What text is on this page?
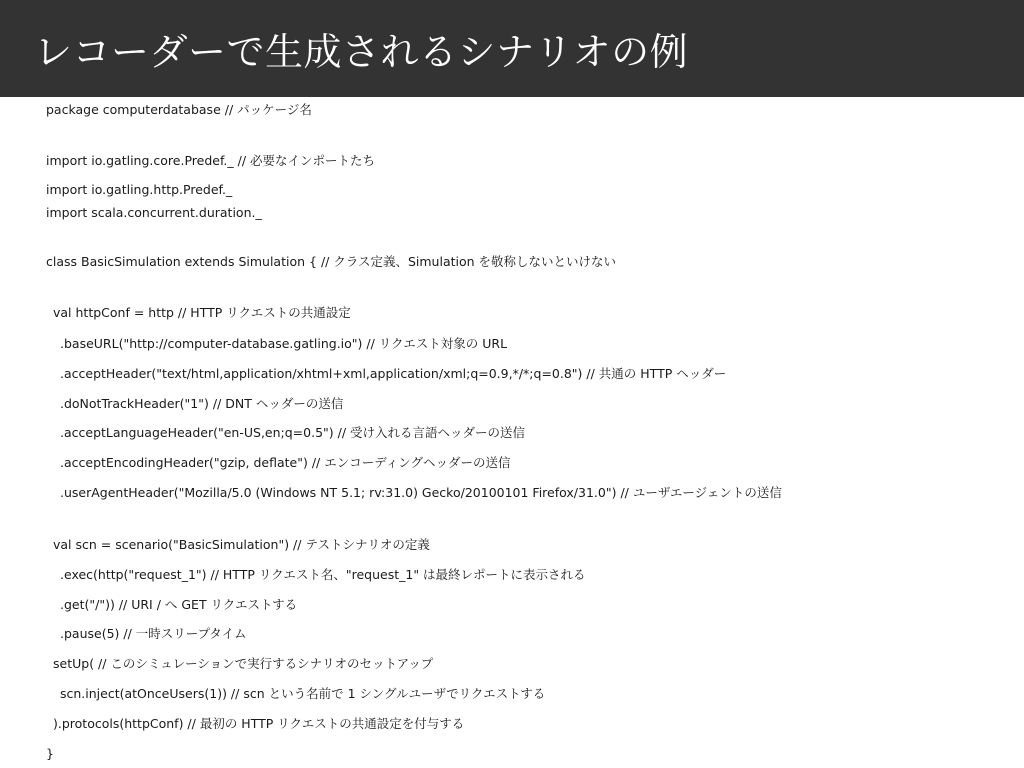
レコーダーで生成されるシナリオの例
package computerdatabase // パッケージ名
import io.gatling.core.Predef._ // 必要なインポートたち
import io.gatling.http.Predef._
import scala.concurrent.duration._
class BasicSimulation extends Simulation { // クラス定義、Simulation を敬称しないといけない
val httpConf = http // HTTP リクエストの共通設定
.baseURL("http://computer-database.gatling.io") // リクエスト対象の URL
.acceptHeader("text/html,application/xhtml+xml,application/xml;q=0.9,*/*;q=0.8") // 共通の HTTP ヘッダー
.doNotTrackHeader("1") // DNT ヘッダーの送信
.acceptLanguageHeader("en-US,en;q=0.5") // 受け入れる言語ヘッダーの送信
.acceptEncodingHeader("gzip, deflate") // エンコーディングヘッダーの送信
.userAgentHeader("Mozilla/5.0 (Windows NT 5.1; rv:31.0) Gecko/20100101 Firefox/31.0") // ユーザエージェントの送信
val scn = scenario("BasicSimulation") // テストシナリオの定義
.exec(http("request_1") // HTTP リクエスト名、"request_1" は最終レポートに表示される
.get("/")) // URI / へ GET リクエストする
.pause(5) // 一時スリープタイム
setUp( // このシミュレーションで実行するシナリオのセットアップ
scn.inject(atOnceUsers(1)) // scn という名前で 1 シングルユーザでリクエストする
).protocols(httpConf) // 最初の HTTP リクエストの共通設定を付与する
}
